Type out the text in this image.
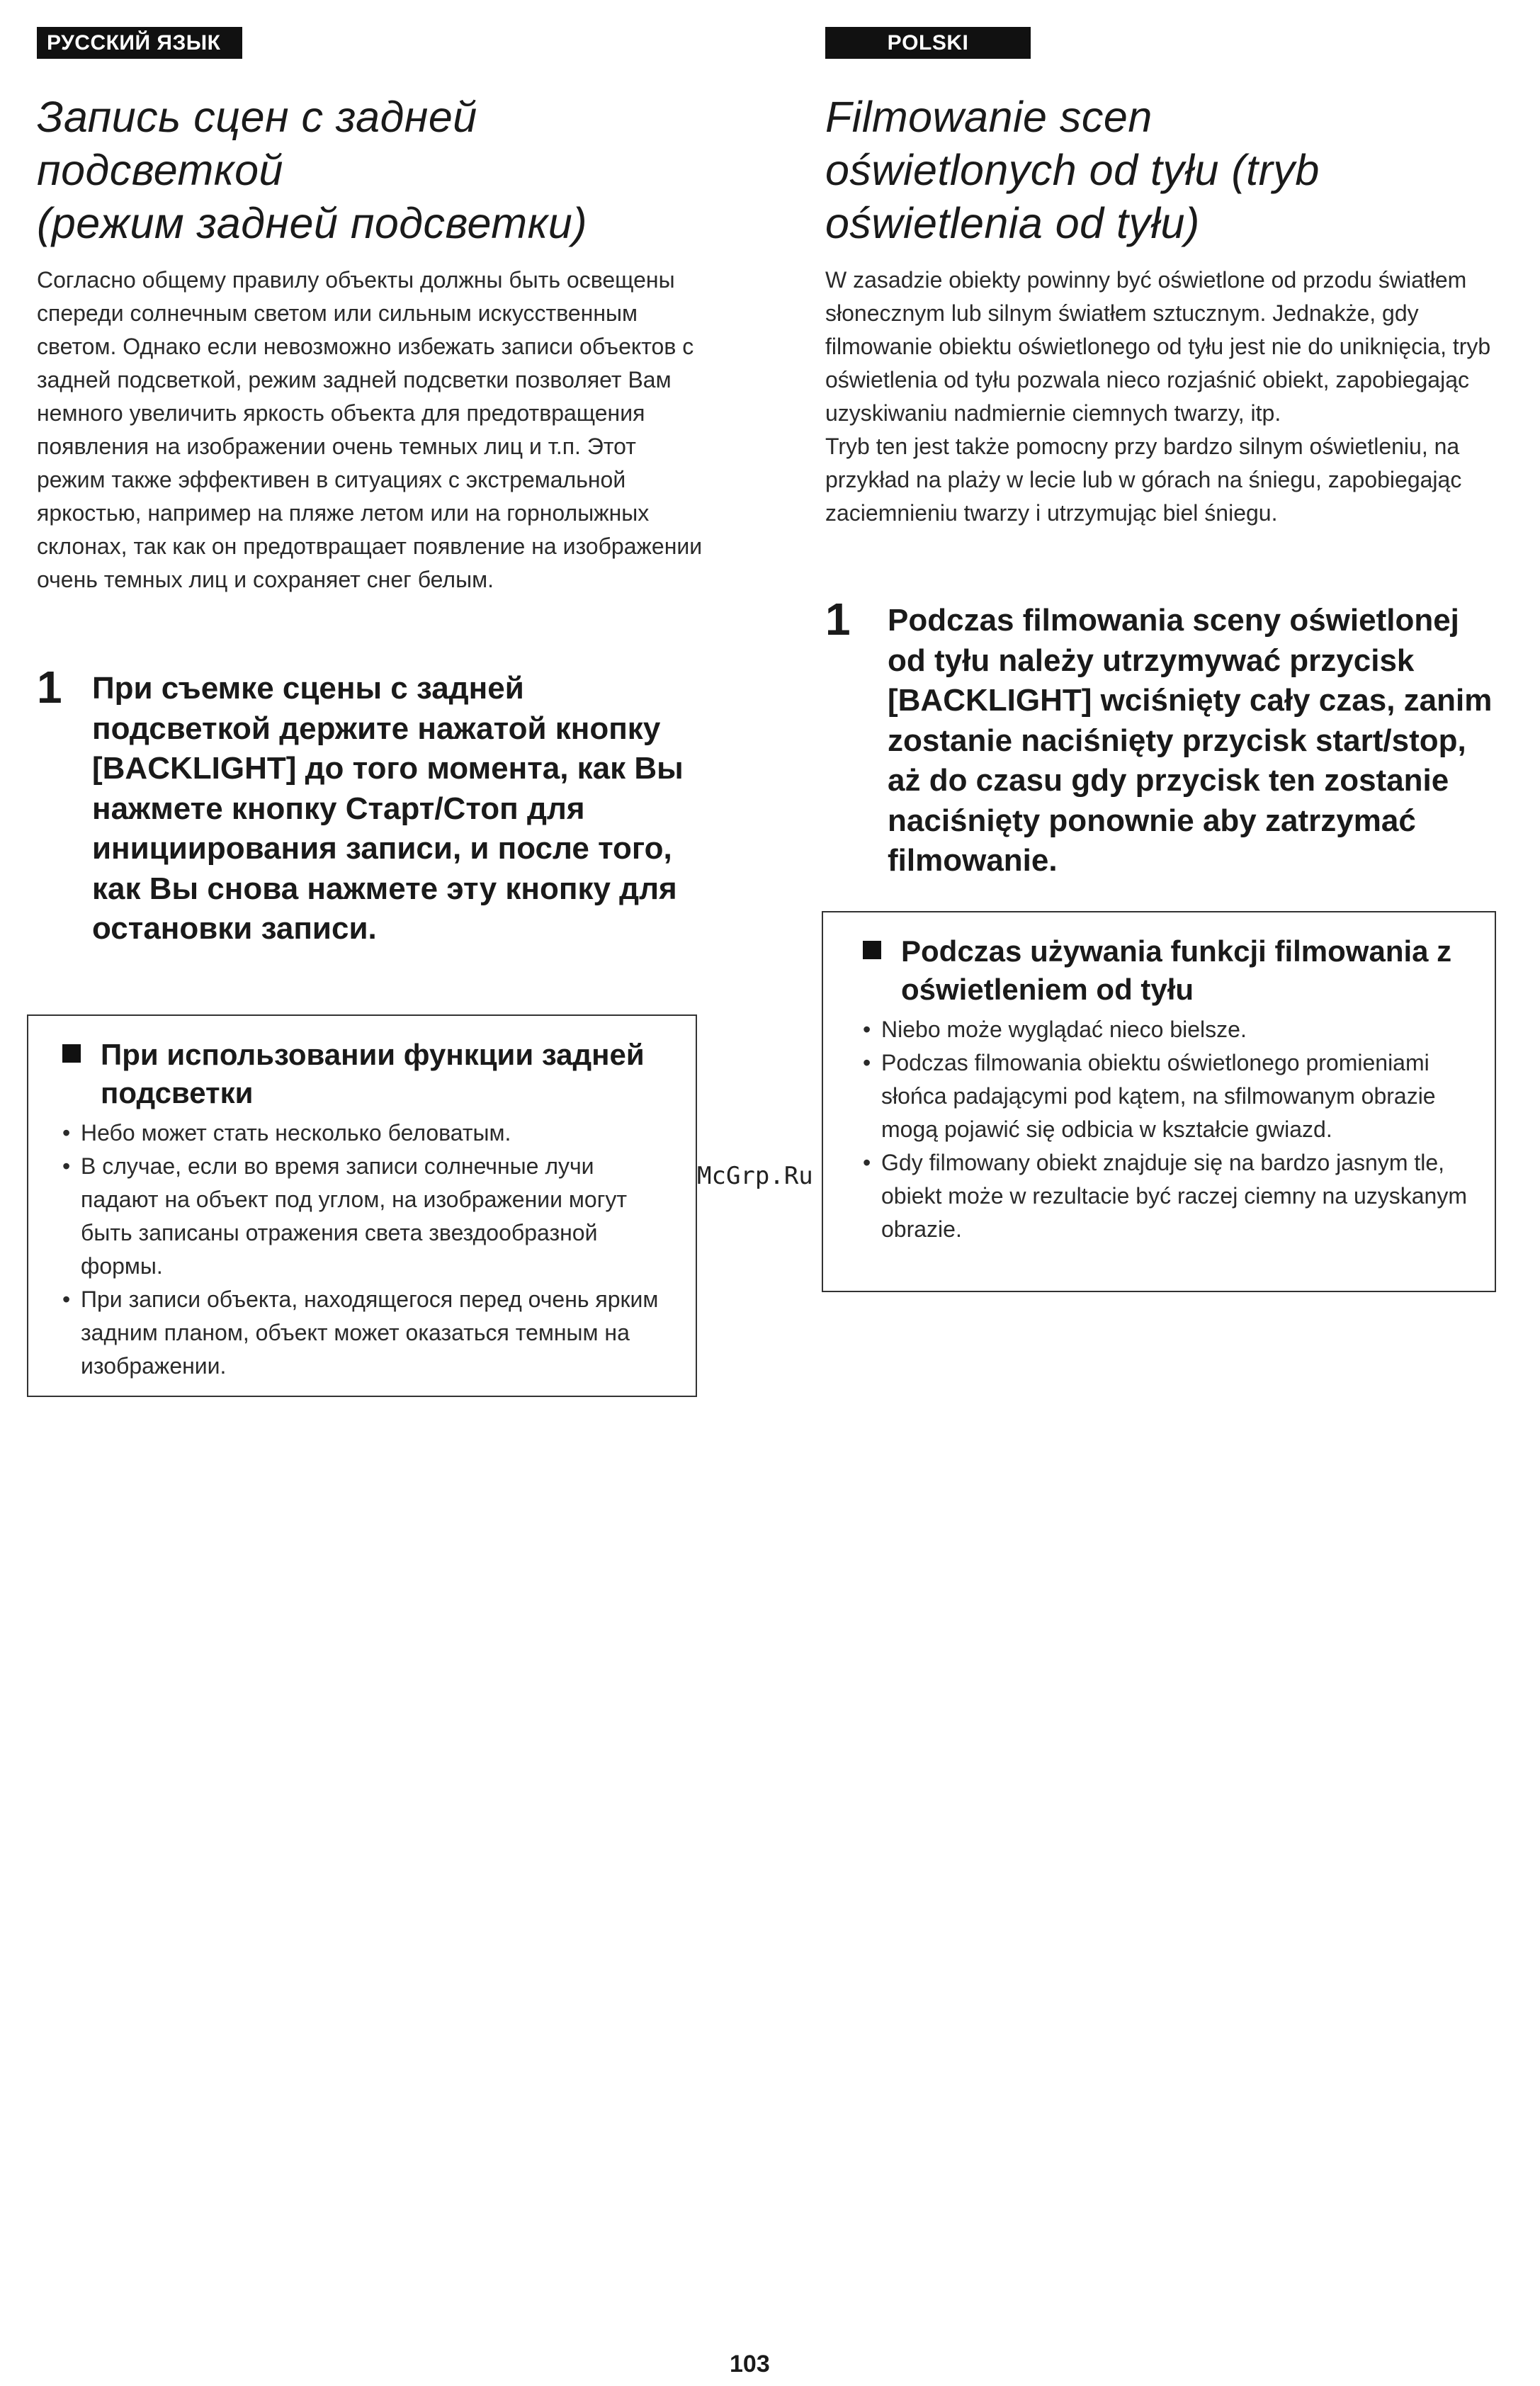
РУССКИЙ ЯЗЫК
Запись сцен с задней
подсветкой
(режим задней подсветки)

Согласно общему правилу объекты должны быть освещены спереди солнечным светом или сильным искусственным светом. Однако если невозможно избежать записи объектов с задней подсветкой, режим задней подсветки позволяет Вам немного увеличить яркость объекта для предотвращения появления на изображении очень темных лиц и т.п. Этот режим также эффективен в ситуациях с экстремальной яркостью, например на пляже летом или на горнолыжных склонах, так как он предотвращает появление на изображении очень темных лиц и сохраняет снег белым.

1 При съемке сцены с задней подсветкой держите нажатой кнопку [BACKLIGHT] до того момента, как Вы нажмете кнопку Старт/Стоп для инициирования записи, и после того, как Вы снова нажмете эту кнопку для остановки записи.
При использовании функции задней подсветки
• Небо может стать несколько беловатым.
• В случае, если во время записи солнечные лучи падают на объект под углом, на изображении могут быть записаны отражения света звездообразной формы.
• При записи объекта, находящегося перед очень ярким задним планом, объект может оказаться темным на изображении.
POLSKI
Filmowanie scen
oświetlonych od tyłu (tryb
oświetlenia od tyłu)

W zasadzie obiekty powinny być oświetlone od przodu światłem słonecznym lub silnym światłem sztucznym. Jednakże, gdy filmowanie obiektu oświetlonego od tyłu jest nie do uniknięcia, tryb oświetlenia od tyłu pozwala nieco rozjaśnić obiekt, zapobiegając uzyskiwaniu nadmiernie ciemnych twarzy, itp.

Tryb ten jest także pomocny przy bardzo silnym oświetleniu, na przykład na plaży w lecie lub w górach na śniegu, zapobiegając zaciemnieniu twarzy i utrzymując biel śniegu.

1	Podczas filmowania sceny oświetlonej od tyłu należy utrzymywać przycisk [BACKLIGHT] wciśnięty cały czas, zanim zostanie naciśnięty przycisk start/stop, aż do czasu gdy przycisk ten zostanie naciśnięty ponownie aby zatrzymać filmowanie.
Podczas używania funkcji filmowania z oświetleniem od tyłu
• Niebo może wyglądać nieco bielsze.
• Podczas filmowania obiektu oświetlonego promieniami słońca padającymi pod kątem, na sfilmowanym obrazie mogą pojawić się odbicia w kształcie gwiazd.
• Gdy filmowany obiekt znajduje się na bardzo jasnym tle, obiekt może w rezultacie być raczej ciemny na uzyskanym obrazie.
McGrp.Ru
103
